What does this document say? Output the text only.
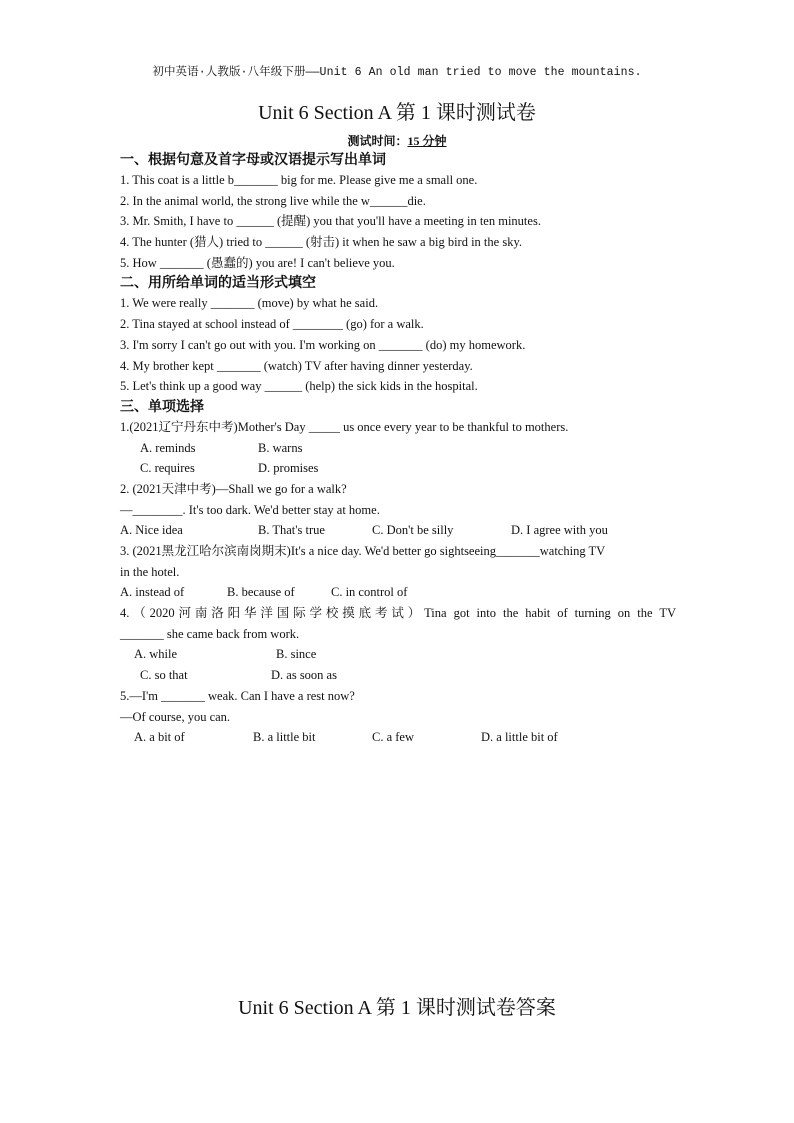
初中英语·人教版·八年级下册——Unit 6 An old man tried to move the mountains.
Unit 6 Section A 第 1 课时测试卷
测试时间：15 分钟
一、根据句意及首字母或汉语提示写出单词
1. This coat is a little b_______ big for me. Please give me a small one.
2. In the animal world, the strong live while the w______die.
3. Mr. Smith, I have to ______ (提醒) you that you'll have a meeting in ten minutes.
4. The hunter (猎人) tried to ______ (射击) it when he saw a big bird in the sky.
5. How _______ (愚蠢的) you are! I can't believe you.
二、用所给单词的适当形式填空
1. We were really _______ (move) by what he said.
2. Tina stayed at school instead of ________ (go) for a walk.
3. I'm sorry I can't go out with you. I'm working on _______ (do) my homework.
4. My brother kept _______ (watch) TV after having dinner yesterday.
5. Let's think up a good way ______ (help) the sick kids in the hospital.
三、单项选择
1.(2021辽宁丹东中考)Mother's Day _____ us once every year to be thankful to mothers.
A. reminds	B. warns
C. requires	D. promises
2. (2021天津中考)—Shall we go for a walk?
—________. It's too dark. We'd better stay at home.
A. Nice idea	B. That's true	C. Don't be silly	D. I agree with you
3. (2021黑龙江哈尔滨南岗期末)It's a nice day. We'd better go sightseeing_______watching TV
in the hotel.
A. instead of	B. because of	C. in control of
4.（2020河南洛阳华洋国际学校摸底考试）Tina got into the habit of turning on the TV
_______ she came back from work.
A. while	B. since
C. so that	D. as soon as
5.—I'm _______ weak. Can I have a rest now?
—Of course, you can.
A. a bit of	B. a little bit	C. a few	D. a little bit of
Unit 6 Section A 第 1 课时测试卷答案
